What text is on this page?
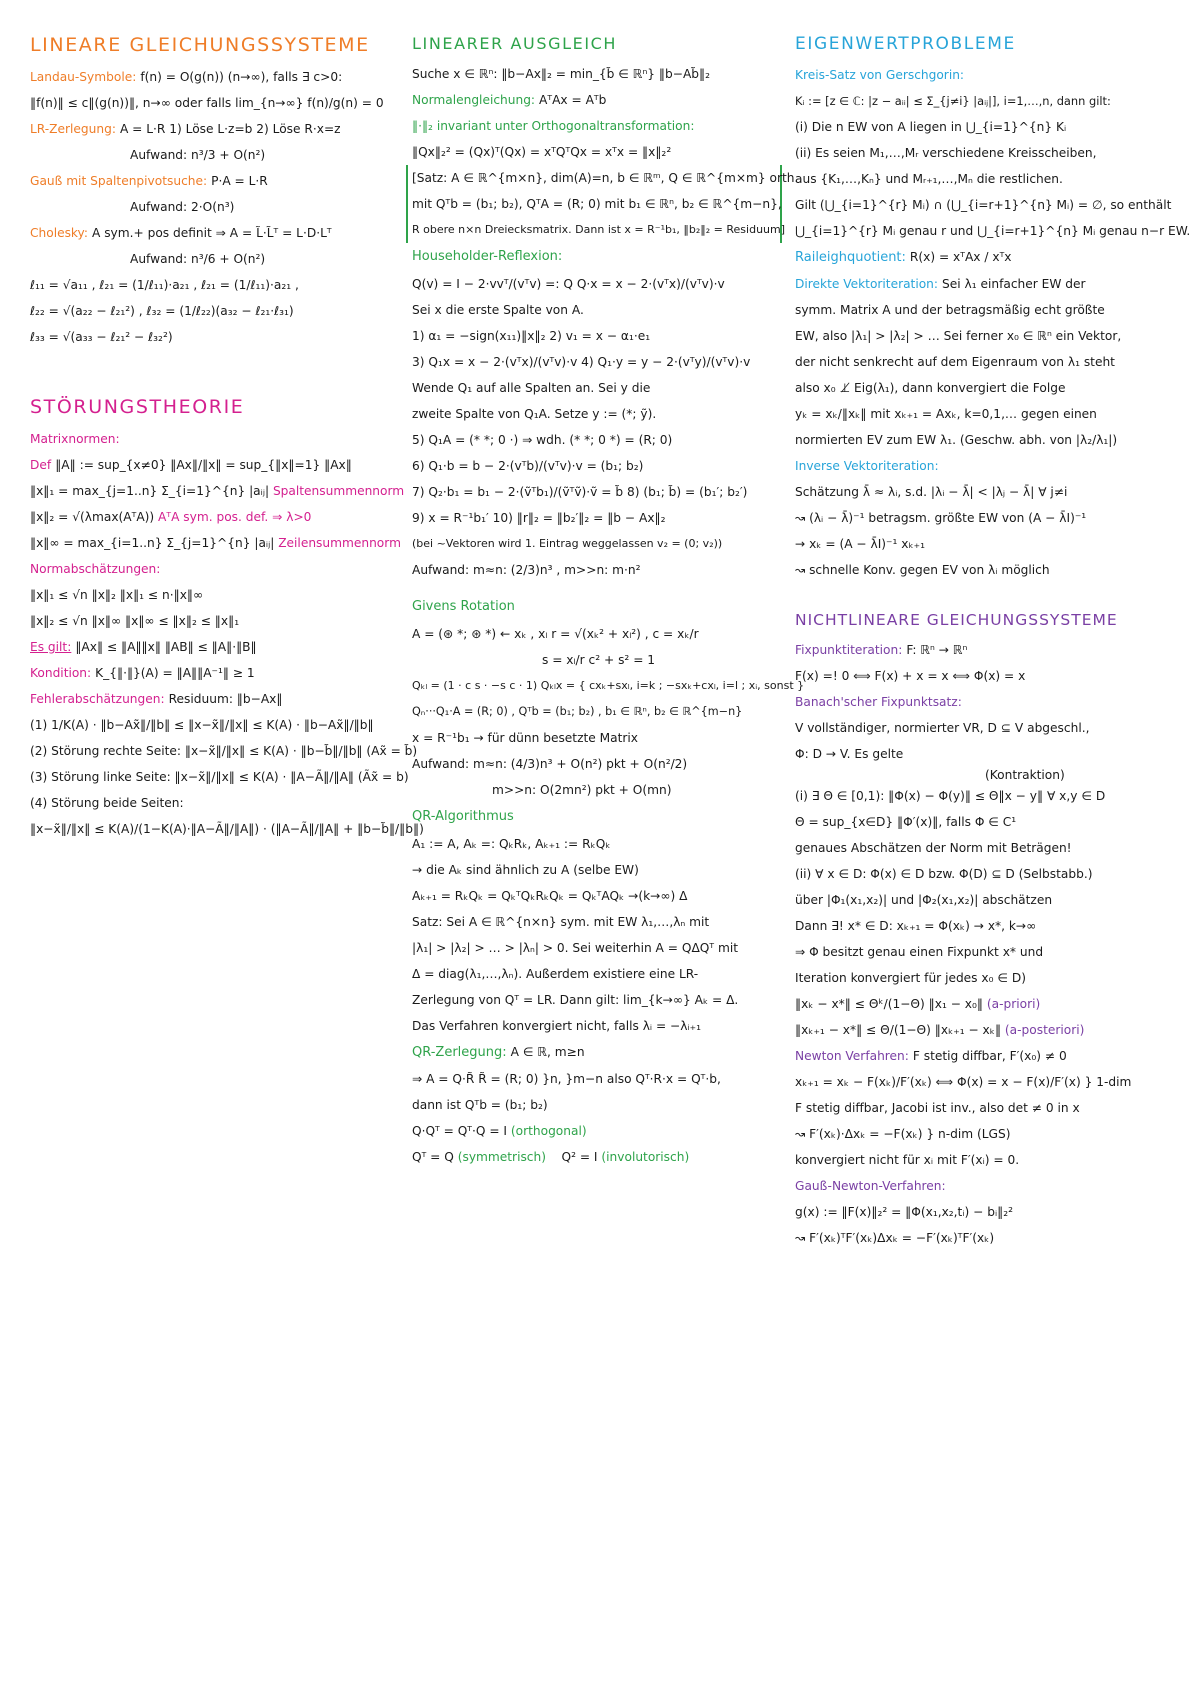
LINEARE GLEICHUNGSSYSTEME
Landau-Symbole: f(n) = O(g(n)) (n→∞), falls ∃ c>0:
‖f(n)‖ ≤ c‖(g(n))‖, n→∞ oder falls lim_{n→∞} f(n)/g(n) = 0
LR-Zerlegung: A = L·R 1) Löse L·z=b 2) Löse R·x=z
Aufwand: n³/3 + O(n²)
Gauß mit Spaltenpivotsuche: P·A = L·R
Aufwand: 2·O(n³)
Cholesky: A sym.+ pos definit ⇒ A = L̃·L̃ᵀ = L·D·Lᵀ
Aufwand: n³/6 + O(n²)
ℓ₁₁ = √a₁₁ , ℓ₂₁ = (1/ℓ₁₁)·a₂₁ , ℓ₂₁ = (1/ℓ₁₁)·a₂₁ ,
ℓ₂₂ = √(a₂₂ − ℓ₂₁²) , ℓ₃₂ = (1/ℓ₂₂)(a₃₂ − ℓ₂₁·ℓ₃₁)
ℓ₃₃ = √(a₃₃ − ℓ₂₁² − ℓ₃₂²)
STÖRUNGSTHEORIE
Matrixnormen:
Def ‖A‖ := sup_{x≠0} ‖Ax‖/‖x‖ = sup_{‖x‖=1} ‖Ax‖
‖x‖₁ = max_{j=1..n} Σ_{i=1}^{n} |aᵢⱼ| Spaltensummennorm
‖x‖₂ = √(λmax(AᵀA)) AᵀA sym. pos. def. ⇒ λ>0
‖x‖∞ = max_{i=1..n} Σ_{j=1}^{n} |aᵢⱼ| Zeilensummennorm
Normabschätzungen:
‖x‖₁ ≤ √n ‖x‖₂ ‖x‖₁ ≤ n·‖x‖∞
‖x‖₂ ≤ √n ‖x‖∞ ‖x‖∞ ≤ ‖x‖₂ ≤ ‖x‖₁
Es gilt: ‖Ax‖ ≤ ‖A‖‖x‖ ‖AB‖ ≤ ‖A‖·‖B‖
Kondition: K_{‖·‖}(A) = ‖A‖‖A⁻¹‖ ≥ 1
Fehlerabschätzungen: Residuum: ‖b−Ax‖
(1) 1/K(A) · ‖b−Ax̃‖/‖b‖ ≤ ‖x−x̃‖/‖x‖ ≤ K(A) · ‖b−Ax̃‖/‖b‖
(2) Störung rechte Seite: ‖x−x̃‖/‖x‖ ≤ K(A) · ‖b−b̃‖/‖b‖ (Ax̃ = b̃)
(3) Störung linke Seite: ‖x−x̃‖/‖x‖ ≤ K(A) · ‖A−Ã‖/‖A‖ (Ãx̃ = b)
(4) Störung beide Seiten:
‖x−x̃‖/‖x‖ ≤ K(A)/(1−K(A)·‖A−Ã‖/‖A‖) · (‖A−Ã‖/‖A‖ + ‖b−b̃‖/‖b‖)
LINEARER AUSGLEICH
Suche x ∈ ℝⁿ: ‖b−Ax‖₂ = min_{b̃ ∈ ℝⁿ} ‖b−Ab̃‖₂
Normalengleichung: AᵀAx = Aᵀb
‖·‖₂ invariant unter Orthogonaltransformation:
‖Qx‖₂² = (Qx)ᵀ(Qx) = xᵀQᵀQx = xᵀx = ‖x‖₂²
[Satz: A ∈ ℝ^{m×n}, dim(A)=n, b ∈ ℝᵐ, Q ∈ ℝ^{m×m} orth.
mit Qᵀb = (b₁; b₂), QᵀA = (R; 0) mit b₁ ∈ ℝⁿ, b₂ ∈ ℝ^{m−n},
R obere n×n Dreiecksmatrix. Dann ist x = R⁻¹b₁, ‖b₂‖₂ = Residuum]
Householder-Reflexion:
Q(v) = I − 2·vvᵀ/(vᵀv) =: Q Q·x = x − 2·(vᵀx)/(vᵀv)·v
Sei x die erste Spalte von A.
1) α₁ = −sign(x₁₁)‖x‖₂ 2) v₁ = x − α₁·e₁
3) Q₁x = x − 2·(vᵀx)/(vᵀv)·v 4) Q₁·y = y − 2·(vᵀy)/(vᵀv)·v
Wende Q₁ auf alle Spalten an. Sei y die
zweite Spalte von Q₁A. Setze y := (*; ỹ).
5) Q₁A = (* *; 0 ·) ⇒ wdh. (* *; 0 *) = (R; 0)
6) Q₁·b = b − 2·(vᵀb)/(vᵀv)·v = (b₁; b₂)
7) Q₂·b₁ = b₁ − 2·(ṽᵀb₁)/(ṽᵀṽ)·ṽ = b̃ 8) (b₁; b̃) = (b₁′; b₂′)
9) x = R⁻¹b₁′ 10) ‖r‖₂ = ‖b₂′‖₂ = ‖b − Ax‖₂
(bei ~Vektoren wird 1. Eintrag weggelassen v₂ = (0; v₂))
Aufwand: m≈n: (2/3)n³ , m>>n: m·n²
Givens Rotation
A = (⊛ *; ⊛ *) ← xₖ , xₗ r = √(xₖ² + xₗ²) , c = xₖ/r
s = xₗ/r c² + s² = 1
Qₖₗ = (1 · c s · −s c · 1) Qₖₗx = { cxₖ+sxₗ, i=k ; −sxₖ+cxₗ, i=l ; xᵢ, sonst }
Qₙ···Q₁·A = (R; 0) , Qᵀb = (b₁; b₂) , b₁ ∈ ℝⁿ, b₂ ∈ ℝ^{m−n}
x = R⁻¹b₁ → für dünn besetzte Matrix
Aufwand: m≈n: (4/3)n³ + O(n²) pkt + O(n²/2)
m>>n: O(2mn²) pkt + O(mn)
QR-Algorithmus
A₁ := A, Aₖ =: QₖRₖ, Aₖ₊₁ := RₖQₖ
→ die Aₖ sind ähnlich zu A (selbe EW)
Aₖ₊₁ = RₖQₖ = QₖᵀQₖRₖQₖ = QₖᵀAQₖ →(k→∞) Δ
Satz: Sei A ∈ ℝ^{n×n} sym. mit EW λ₁,…,λₙ mit
|λ₁| > |λ₂| > … > |λₙ| > 0. Sei weiterhin A = QΔQᵀ mit
Δ = diag(λ₁,…,λₙ). Außerdem existiere eine LR-
Zerlegung von Qᵀ = LR. Dann gilt: lim_{k→∞} Aₖ = Δ.
Das Verfahren konvergiert nicht, falls λᵢ = −λᵢ₊₁
QR-Zerlegung: A ∈ ℝ, m≥n
⇒ A = Q·R̃ R̃ = (R; 0) }n, }m−n also Qᵀ·R·x = Qᵀ·b,
dann ist Qᵀb = (b₁; b₂)
Q·Qᵀ = Qᵀ·Q = I (orthogonal)
Qᵀ = Q (symmetrisch) Q² = I (involutorisch)
EIGENWERTPROBLEME
Kreis-Satz von Gerschgorin:
Kᵢ := [z ∈ ℂ: |z − aᵢᵢ| ≤ Σ_{j≠i} |aᵢⱼ|], i=1,…,n, dann gilt:
(i) Die n EW von A liegen in ⋃_{i=1}^{n} Kᵢ
(ii) Es seien M₁,…,Mᵣ verschiedene Kreisscheiben,
aus {K₁,…,Kₙ} und Mᵣ₊₁,…,Mₙ die restlichen.
Gilt (⋃_{i=1}^{r} Mᵢ) ∩ (⋃_{i=r+1}^{n} Mᵢ) = ∅, so enthält
⋃_{i=1}^{r} Mᵢ genau r und ⋃_{i=r+1}^{n} Mᵢ genau n−r EW.
Raileighquotient: R(x) = xᵀAx / xᵀx
Direkte Vektoriteration: Sei λ₁ einfacher EW der
symm. Matrix A und der betragsmäßig echt größte
EW, also |λ₁| > |λ₂| > … Sei ferner x₀ ∈ ℝⁿ ein Vektor,
der nicht senkrecht auf dem Eigenraum von λ₁ steht
also x₀ ⊥̸ Eig(λ₁), dann konvergiert die Folge
yₖ = xₖ/‖xₖ‖ mit xₖ₊₁ = Axₖ, k=0,1,… gegen einen
normierten EV zum EW λ₁. (Geschw. abh. von |λ₂/λ₁|)
Inverse Vektoriteration:
Schätzung λ̄ ≈ λᵢ, s.d. |λᵢ − λ̄| < |λⱼ − λ̄| ∀ j≠i
↝ (λᵢ − λ̄)⁻¹ betragsm. größte EW von (A − λ̄I)⁻¹
→ xₖ = (A − λ̄I)⁻¹ xₖ₊₁
↝ schnelle Konv. gegen EV von λᵢ möglich
NICHTLINEARE GLEICHUNGSSYSTEME
Fixpunktiteration: F: ℝⁿ → ℝⁿ
F(x) =! 0 ⟺ F(x) + x = x ⟺ Φ(x) = x
Banach'scher Fixpunktsatz:
V vollständiger, normierter VR, D ⊆ V abgeschl.,
Φ: D → V. Es gelte
(Kontraktion)
(i) ∃ Θ ∈ [0,1): ‖Φ(x) − Φ(y)‖ ≤ Θ‖x − y‖ ∀ x,y ∈ D
Θ = sup_{x∈D} ‖Φ′(x)‖, falls Φ ∈ C¹
genaues Abschätzen der Norm mit Beträgen!
(ii) ∀ x ∈ D: Φ(x) ∈ D bzw. Φ(D) ⊆ D (Selbstabb.)
über |Φ₁(x₁,x₂)| und |Φ₂(x₁,x₂)| abschätzen
Dann ∃! x* ∈ D: xₖ₊₁ = Φ(xₖ) → x*, k→∞
⇒ Φ besitzt genau einen Fixpunkt x* und
Iteration konvergiert für jedes x₀ ∈ D)
‖xₖ − x*‖ ≤ Θᵏ/(1−Θ) ‖x₁ − x₀‖ (a-priori)
‖xₖ₊₁ − x*‖ ≤ Θ/(1−Θ) ‖xₖ₊₁ − xₖ‖ (a-posteriori)
Newton Verfahren: F stetig diffbar, F′(x₀) ≠ 0
xₖ₊₁ = xₖ − F(xₖ)/F′(xₖ) ⟺ Φ(x) = x − F(x)/F′(x) } 1-dim
F stetig diffbar, Jacobi ist inv., also det ≠ 0 in x
↝ F′(xₖ)·Δxₖ = −F(xₖ) } n-dim (LGS)
konvergiert nicht für xᵢ mit F′(xᵢ) = 0.
Gauß-Newton-Verfahren:
g(x) := ‖F(x)‖₂² = ‖Φ(x₁,x₂,tᵢ) − bᵢ‖₂²
↝ F′(xₖ)ᵀF′(xₖ)Δxₖ = −F′(xₖ)ᵀF′(xₖ)
